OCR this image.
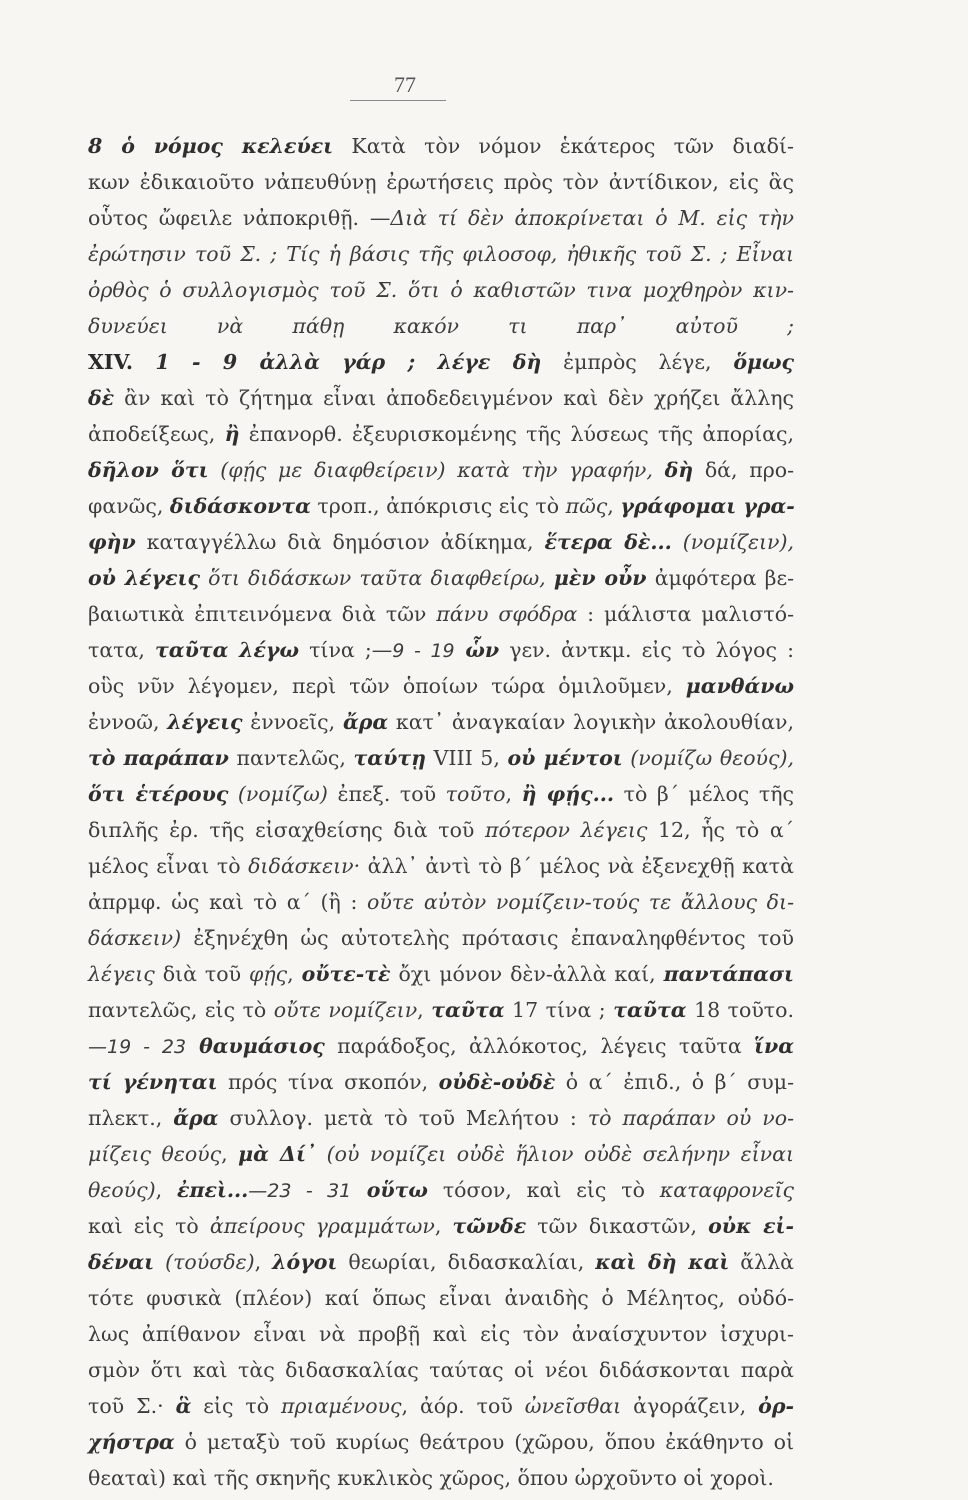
77
8 ὁ νόμος κελεύει Κατὰ τὸν νόμον ἑκάτερος τῶν διαδί-
κων ἐδικαιοῦτο νἀπευθύνῃ ἐρωτήσεις πρὸς τὸν ἀντίδικον, εἰς ἃς
οὗτος ὤφειλε νἀποκριθῇ. —Διὰ τί δὲν ἀποκρίνεται ὁ Μ. εἰς τὴν
ἐρώτησιν τοῦ Σ. ; Τίς ἡ βάσις τῆς φιλοσοφ, ἠθικῆς τοῦ Σ. ; Εἶναι
ὀρθὸς ὁ συλλογισμὸς τοῦ Σ. ὅτι ὁ καθιστῶν τινα μοχθηρὸν κιν-
δυνεύει νὰ πάθῃ κακόν τι παρ᾽ αὐτοῦ ;
XIV. 1 - 9 ἀλλὰ γάρ ; λέγε δὴ ἐμπρὸς λέγε, ὅμως
δὲ ἂν καὶ τὸ ζήτημα εἶναι ἀποδεδειγμένον καὶ δὲν χρήζει ἄλλης
ἀποδείξεως, ἢ ἐπανορθ. ἐξευρισκομένης τῆς λύσεως τῆς ἀπορίας,
δῆλον ὅτι (φῄς με διαφθείρειν) κατὰ τὴν γραφήν, δὴ δά, προ-
φανῶς, διδάσκοντα τροπ., ἀπόκρισις εἰς τὸ πῶς, γράφομαι γρα-
φὴν καταγγέλλω διὰ δημόσιον ἀδίκημα, ἕτερα δὲ... (νομίζειν),
οὐ λέγεις ὅτι διδάσκων ταῦτα διαφθείρω, μὲν οὖν ἀμφότερα βε-
βαιωτικὰ ἐπιτεινόμενα διὰ τῶν πάνυ σφόδρα : μάλιστα μαλιστό-
τατα, ταῦτα λέγω τίνα ;—9 - 19 ὧν γεν. ἀντκμ. εἰς τὸ λόγος :
οὓς νῦν λέγομεν, περὶ τῶν ὁποίων τώρα ὁμιλοῦμεν, μανθάνω
ἐννοῶ, λέγεις ἐννοεῖς, ἄρα κατ᾽ ἀναγκαίαν λογικὴν ἀκολουθίαν,
τὸ παράπαν παντελῶς, ταύτῃ VIII 5, οὐ μέντοι (νομίζω θεούς),
ὅτι ἑτέρους (νομίζω) ἐπεξ. τοῦ τοῦτο, ἢ φῄς... τὸ β΄ μέλος τῆς
διπλῆς ἐρ. τῆς εἰσαχθείσης διὰ τοῦ πότερον λέγεις 12, ἧς τὸ α΄
μέλος εἶναι τὸ διδάσκειν· ἀλλ᾽ ἀντὶ τὸ β΄ μέλος νὰ ἐξενεχθῇ κατὰ
ἀπρμφ. ὡς καὶ τὸ α΄ (ἢ : οὔτε αὐτὸν νομίζειν-τούς τε ἄλλους δι-
δάσκειν) ἐξηνέχθη ὡς αὐτοτελὴς πρότασις ἐπαναληφθέντος τοῦ
λέγεις διὰ τοῦ φῄς, οὔτε-τὲ ὄχι μόνον δὲν-ἀλλὰ καί, παντάπασι
παντελῶς, εἰς τὸ οὔτε νομίζειν, ταῦτα 17 τίνα ; ταῦτα 18 τοῦτο.
—19 - 23 θαυμάσιος παράδοξος, ἀλλόκοτος, λέγεις ταῦτα ἵνα
τί γένηται πρός τίνα σκοπόν, οὐδὲ-οὐδὲ ὁ α΄ ἐπιδ., ὁ β΄ συμ-
πλεκτ., ἄρα συλλογ. μετὰ τὸ τοῦ Μελήτου : τὸ παράπαν οὐ νο-
μίζεις θεούς, μὰ Δί᾽ (οὐ νομίζει οὐδὲ ἥλιον οὐδὲ σελήνην εἶναι
θεούς), ἐπεὶ...—23 - 31 οὕτω τόσον, καὶ εἰς τὸ καταφρονεῖς
καὶ εἰς τὸ ἀπείρους γραμμάτων, τῶνδε τῶν δικαστῶν, οὐκ εἰ-
δέναι (τούσδε), λόγοι θεωρίαι, διδασκαλίαι, καὶ δὴ καὶ ἄλλὰ
τότε φυσικὰ (πλέον) καί ὅπως εἶναι ἀναιδὴς ὁ Μέλητος, οὐδό-
λως ἀπίθανον εἶναι νὰ προβῇ καὶ εἰς τὸν ἀναίσχυντον ἰσχυρι-
σμὸν ὅτι καὶ τὰς διδασκαλίας ταύτας οἱ νέοι διδάσκονται παρὰ
τοῦ Σ.· ἃ εἰς τὸ πριαμένους, ἀόρ. τοῦ ὠνεῖσθαι ἀγοράζειν, ὀρ-
χήστρα ὁ μεταξὺ τοῦ κυρίως θεάτρου (χῶρου, ὅπου ἐκάθηντο οἱ
θεαταὶ) καὶ τῆς σκηνῆς κυκλικὸς χῶρος, ὅπου ὠρχοῦντο οἱ χοροὶ.
